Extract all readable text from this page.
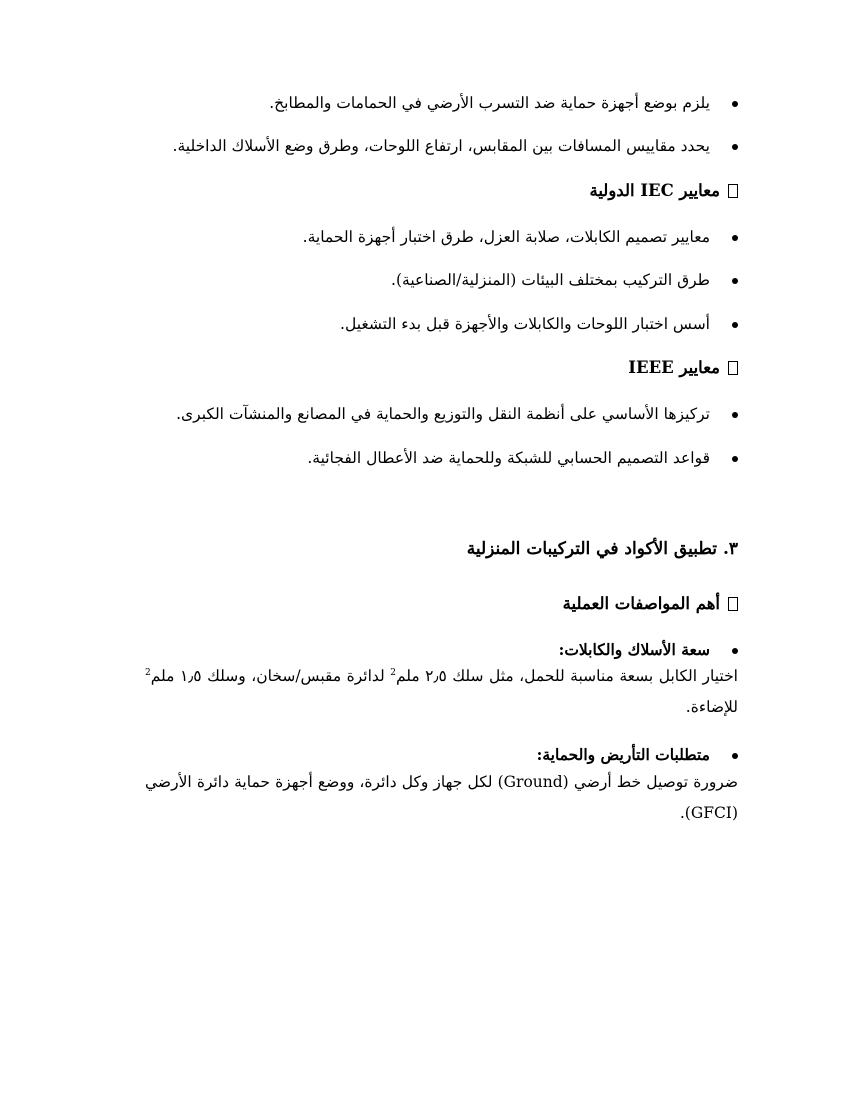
يلزم بوضع أجهزة حماية ضد التسرب الأرضي في الحمامات والمطابخ.
يحدد مقاييس المسافات بين المقابس، ارتفاع اللوحات، وطرق وضع الأسلاك الداخلية.
معايير IEC الدولية
معايير تصميم الكابلات، صلابة العزل، طرق اختبار أجهزة الحماية.
طرق التركيب بمختلف البيئات (المنزلية/الصناعية).
أسس اختبار اللوحات والكابلات والأجهزة قبل بدء التشغيل.
معايير IEEE
تركيزها الأساسي على أنظمة النقل والتوزيع والحماية في المصانع والمنشآت الكبرى.
قواعد التصميم الحسابي للشبكة وللحماية ضد الأعطال الفجائية.
٣. تطبيق الأكواد في التركيبات المنزلية
أهم المواصفات العملية
سعة الأسلاك والكابلات:
اختيار الكابل بسعة مناسبة للحمل، مثل سلك ٢٫٥ ملم$^2$ لدائرة مقبس/سخان، وسلك ١٫٥ ملم$^2$ للإضاءة.
متطلبات التأريض والحماية:
ضرورة توصيل خط أرضي (Ground) لكل جهاز وكل دائرة، ووضع أجهزة حماية دائرة الأرضي (GFCI).
